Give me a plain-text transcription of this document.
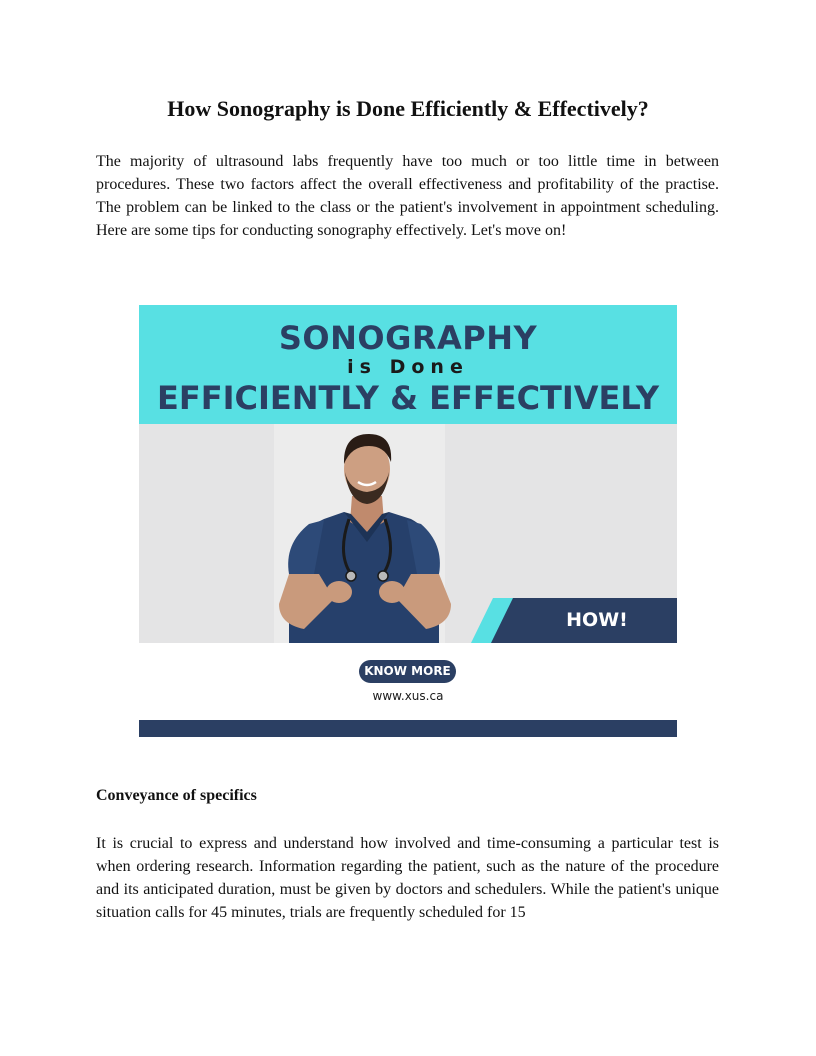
How Sonography is Done Efficiently & Effectively?

The majority of ultrasound labs frequently have too much or too little time in between procedures. These two factors affect the overall effectiveness and profitability of the practise. The problem can be linked to the class or the patient's involvement in appointment scheduling. Here are some tips for conducting sonography effectively. Let's move on!

SONOGRAPHY
is Done
EFFICIENTLY & EFFECTIVELY
HOW!
KNOW MORE
www.xus.ca
Conveyance of specifics

It is crucial to express and understand how involved and time-consuming a particular test is when ordering research. Information regarding the patient, such as the nature of the procedure and its anticipated duration, must be given by doctors and schedulers. While the patient's unique situation calls for 45 minutes, trials are frequently scheduled for 15
